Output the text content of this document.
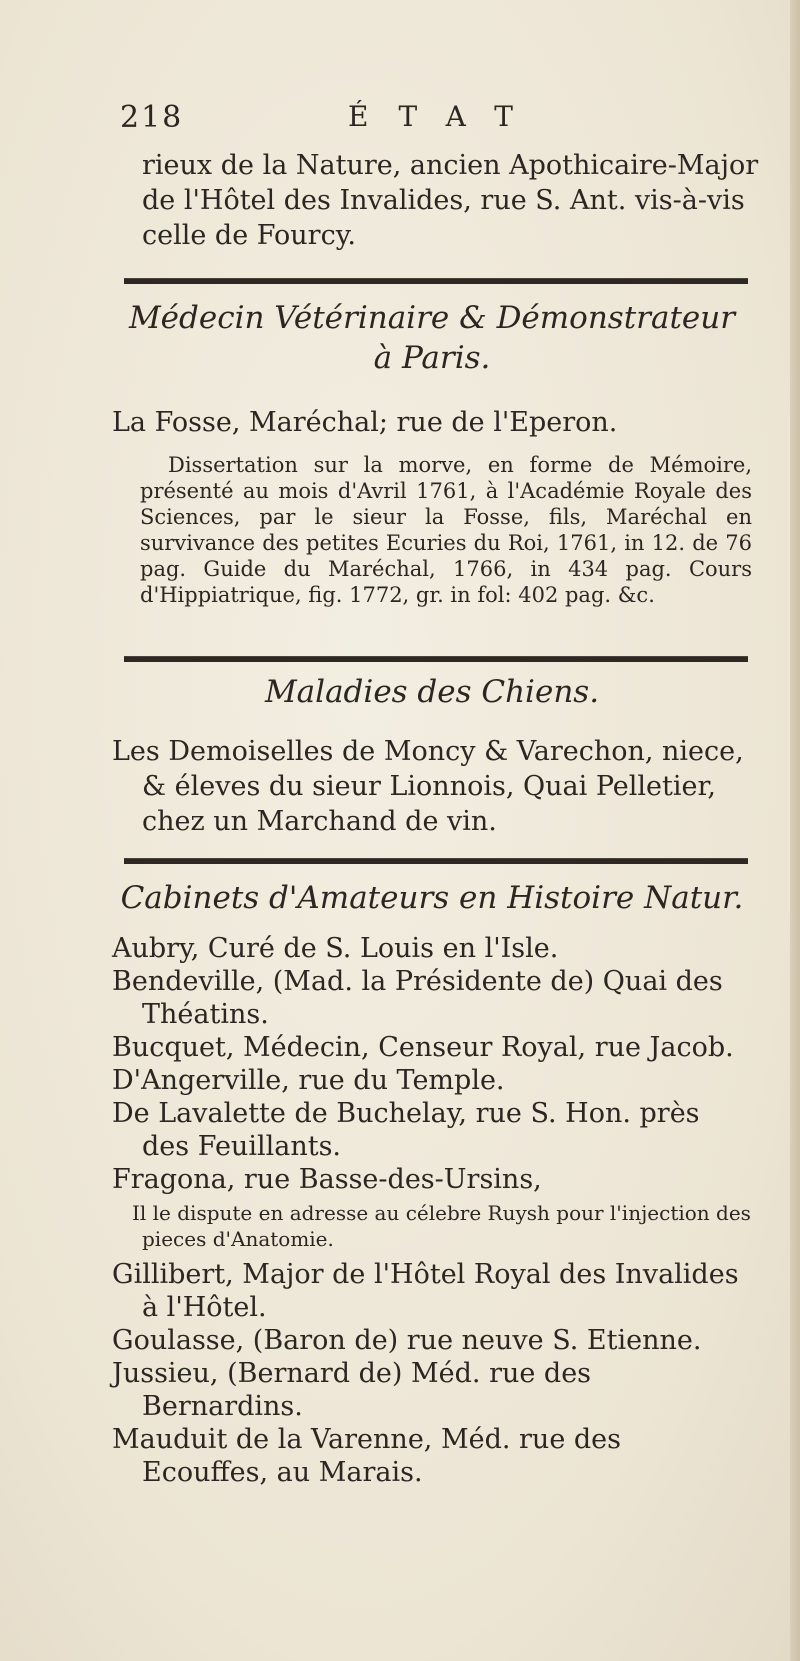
218	ÉTAT

rieux de la Nature, ancien Apothicaire-Major

de l'Hôtel des Invalides, rue S. Ant. vis-à-vis

celle de Fourcy.

Médecin Vétérinaire & Démonstrateur

à Paris.

La Fosse, Maréchal; rue de l'Eperon.

Dissertation sur la morve, en forme de Mémoire, présenté au mois d'Avril 1761, à l'Académie Royale des Sciences, par le sieur la Fosse, fils, Maréchal en survivance des petites Ecuries du Roi, 1761, in 12. de 76 pag. Guide du Maréchal, 1766, in 434 pag. Cours d'Hippiatrique, fig. 1772, gr. in fol: 402 pag. &c.

Maladies des Chiens.

Les Demoiselles de Moncy & Varechon, niece, & éleves du sieur Lionnois, Quai Pelletier, chez un Marchand de vin.

Cabinets d'Amateurs en Histoire Natur.

Aubry, Curé de S. Louis en l'Isle.

Bendeville, (Mad. la Présidente de) Quai des Théatins.

Bucquet, Médecin, Censeur Royal, rue Jacob.

D'Angerville, rue du Temple.

De Lavalette de Buchelay, rue S. Hon. près des Feuillants.

Fragona, rue Basse-des-Ursins,

Il le dispute en adresse au célebre Ruysh pour l'injection des pieces d'Anatomie.

Gillibert, Major de l'Hôtel Royal des Invalides à l'Hôtel.

Goulasse, (Baron de) rue neuve S. Etienne.

Jussieu, (Bernard de) Méd. rue des Bernardins.

Mauduit de la Varenne, Méd. rue des Ecouffes, au Marais.
